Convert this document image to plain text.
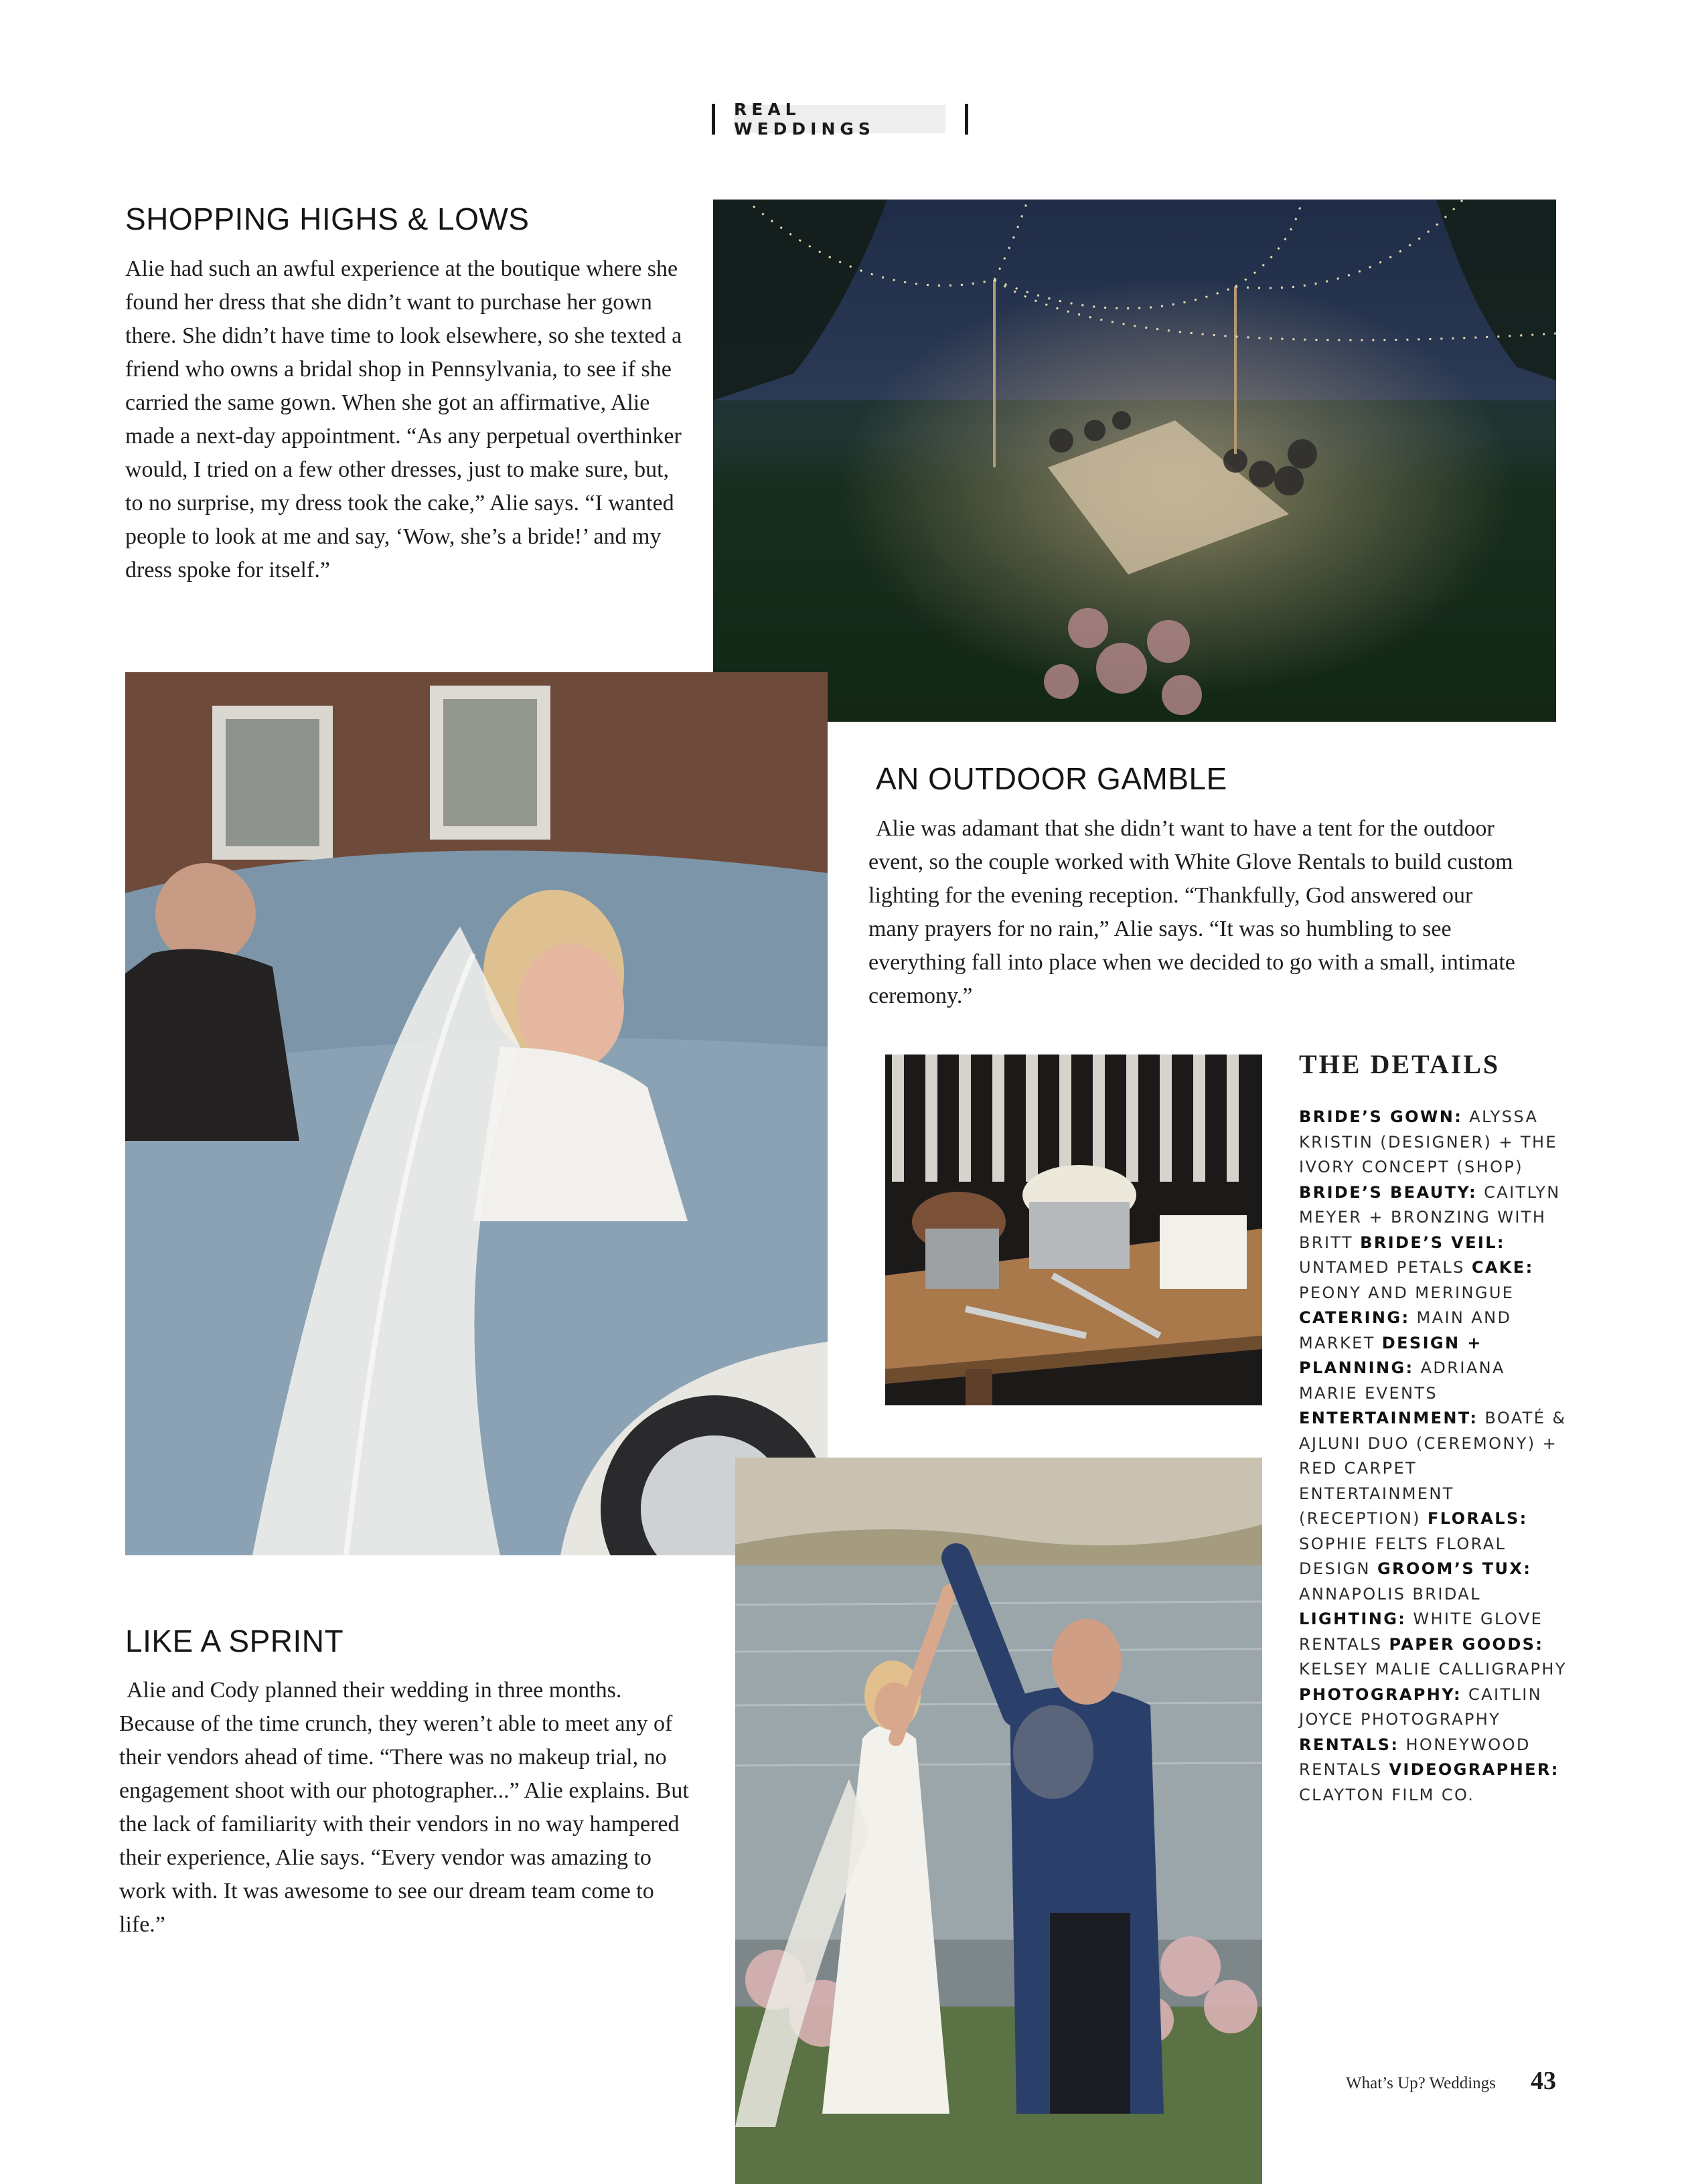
REAL WEDDINGS
SHOPPING HIGHS & LOWS

Alie had such an awful experience at the boutique where she found her dress that she didn’t want to purchase her gown there. She didn’t have time to look elsewhere, so she texted a friend who owns a bridal shop in Pennsylvania, to see if she carried the same gown. When she got an affirmative, Alie made a next-day appointment. “As any perpetual overthinker would, I tried on a few other dresses, just to make sure, but, to no surprise, my dress took the cake,” Alie says. “I wanted people to look at me and say, ‘Wow, she’s a bride!’ and my dress spoke for itself.”

AN OUTDOOR GAMBLE

Alie was adamant that she didn’t want to have a tent for the outdoor event, so the couple worked with White Glove Rentals to build custom lighting for the evening reception. “Thankfully, God answered our many prayers for no rain,” Alie says. “It was so humbling to see everything fall into place when we decided to go with a small, intimate ceremony.”

THE DETAILS

BRIDE’S GOWN: ALYSSA KRISTIN (DESIGNER) + THE IVORY CONCEPT (SHOP) BRIDE’S BEAUTY: CAITLYN MEYER + BRONZING WITH BRITT BRIDE’S VEIL: UNTAMED PETALS CAKE: PEONY AND MERINGUE CATERING: MAIN AND MARKET DESIGN + PLANNING: ADRIANA MARIE EVENTS ENTERTAINMENT: BOATÉ & AJLUNI DUO (CEREMONY) + RED CARPET ENTERTAINMENT (RECEPTION) FLORALS: SOPHIE FELTS FLORAL DESIGN GROOM’S TUX: ANNAPOLIS BRIDAL LIGHTING: WHITE GLOVE RENTALS PAPER GOODS: KELSEY MALIE CALLIGRAPHY PHOTOGRAPHY: CAITLIN JOYCE PHOTOGRAPHY RENTALS: HONEYWOOD RENTALS VIDEOGRAPHER: CLAYTON FILM CO.

LIKE A SPRINT

Alie and Cody planned their wedding in three months. Because of the time crunch, they weren’t able to meet any of their vendors ahead of time. “There was no makeup trial, no engagement shoot with our photographer...” Alie explains. But the lack of familiarity with their vendors in no way hampered their experience, Alie says. “Every vendor was amazing to work with. It was awesome to see our dream team come to life.”

What’s Up? Weddings 43
